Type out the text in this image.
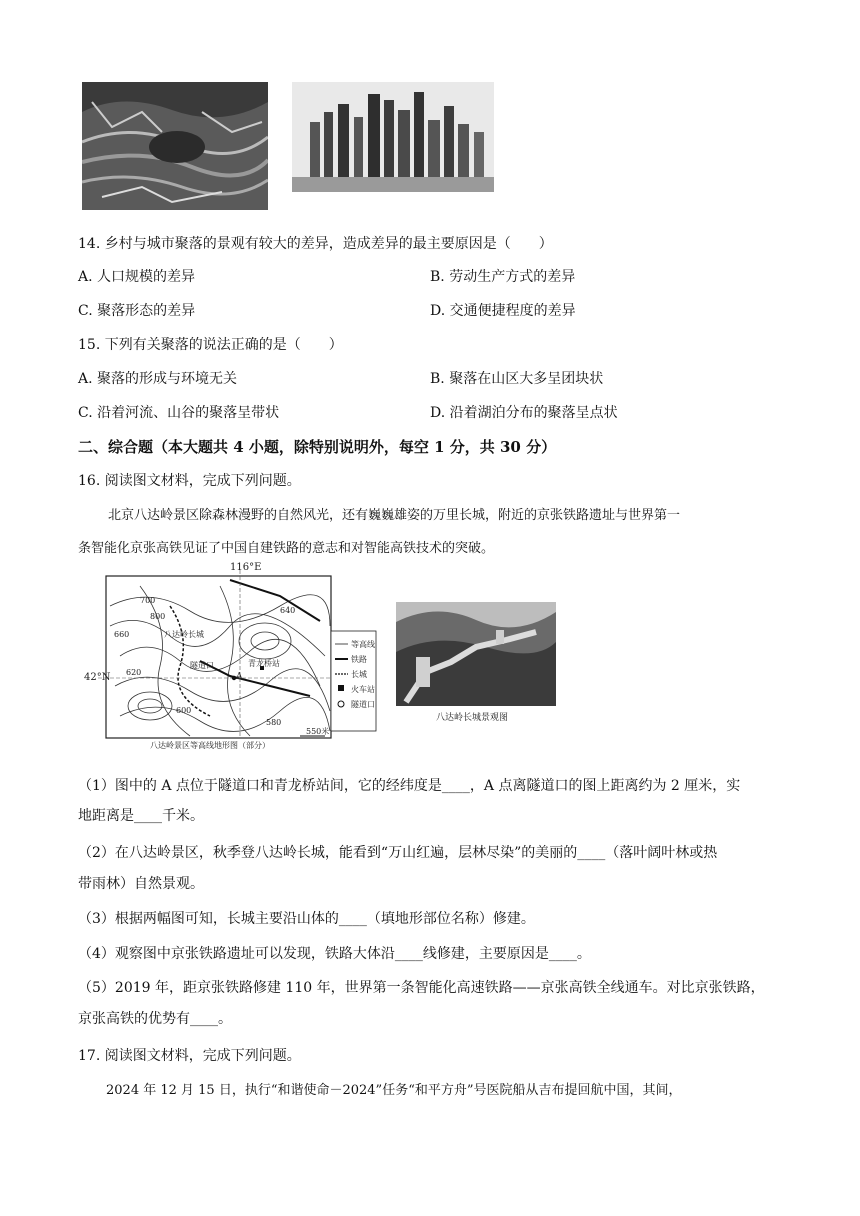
14. 乡村与城市聚落的景观有较大的差异，造成差异的最主要原因是（　　）
A. 人口规模的差异	B. 劳动生产方式的差异
C. 聚落形态的差异	D. 交通便捷程度的差异
15. 下列有关聚落的说法正确的是（　　）
A. 聚落的形成与环境无关	B. 聚落在山区大多呈团块状
C. 沿着河流、山谷的聚落呈带状	D. 沿着湖泊分布的聚落呈点状
二、综合题（本大题共 4 小题，除特别说明外，每空 1 分，共 30 分）
16. 阅读图文材料，完成下列问题。
北京八达岭景区除森林漫野的自然风光，还有巍巍雄姿的万里长城，附近的京张铁路遗址与世界第一
条智能化京张高铁见证了中国自建铁路的意志和对智能高铁技术的突破。
116°E
42°N
八达岭长城
隧道口	青龙桥站
A
700
660
620
600
580
640
800
等高线
铁路
长城
火车站
隧道口
550米
八达岭景区等高线地形图（部分）
八达岭长城景观图
（1）图中的 A 点位于隧道口和青龙桥站间，它的经纬度是____，A 点离隧道口的图上距离约为 2 厘米，实
地距离是____千米。
（2）在八达岭景区，秋季登八达岭长城，能看到“万山红遍，层林尽染”的美丽的____（落叶阔叶林或热
带雨林）自然景观。
（3）根据两幅图可知，长城主要沿山体的____（填地形部位名称）修建。
（4）观察图中京张铁路遗址可以发现，铁路大体沿____线修建，主要原因是____。
（5）2019 年，距京张铁路修建 110 年，世界第一条智能化高速铁路——京张高铁全线通车。对比京张铁路，
京张高铁的优势有____。
17. 阅读图文材料，完成下列问题。
2024 年 12 月 15 日，执行“和谐使命－2024”任务“和平方舟”号医院船从吉布提回航中国，其间，
